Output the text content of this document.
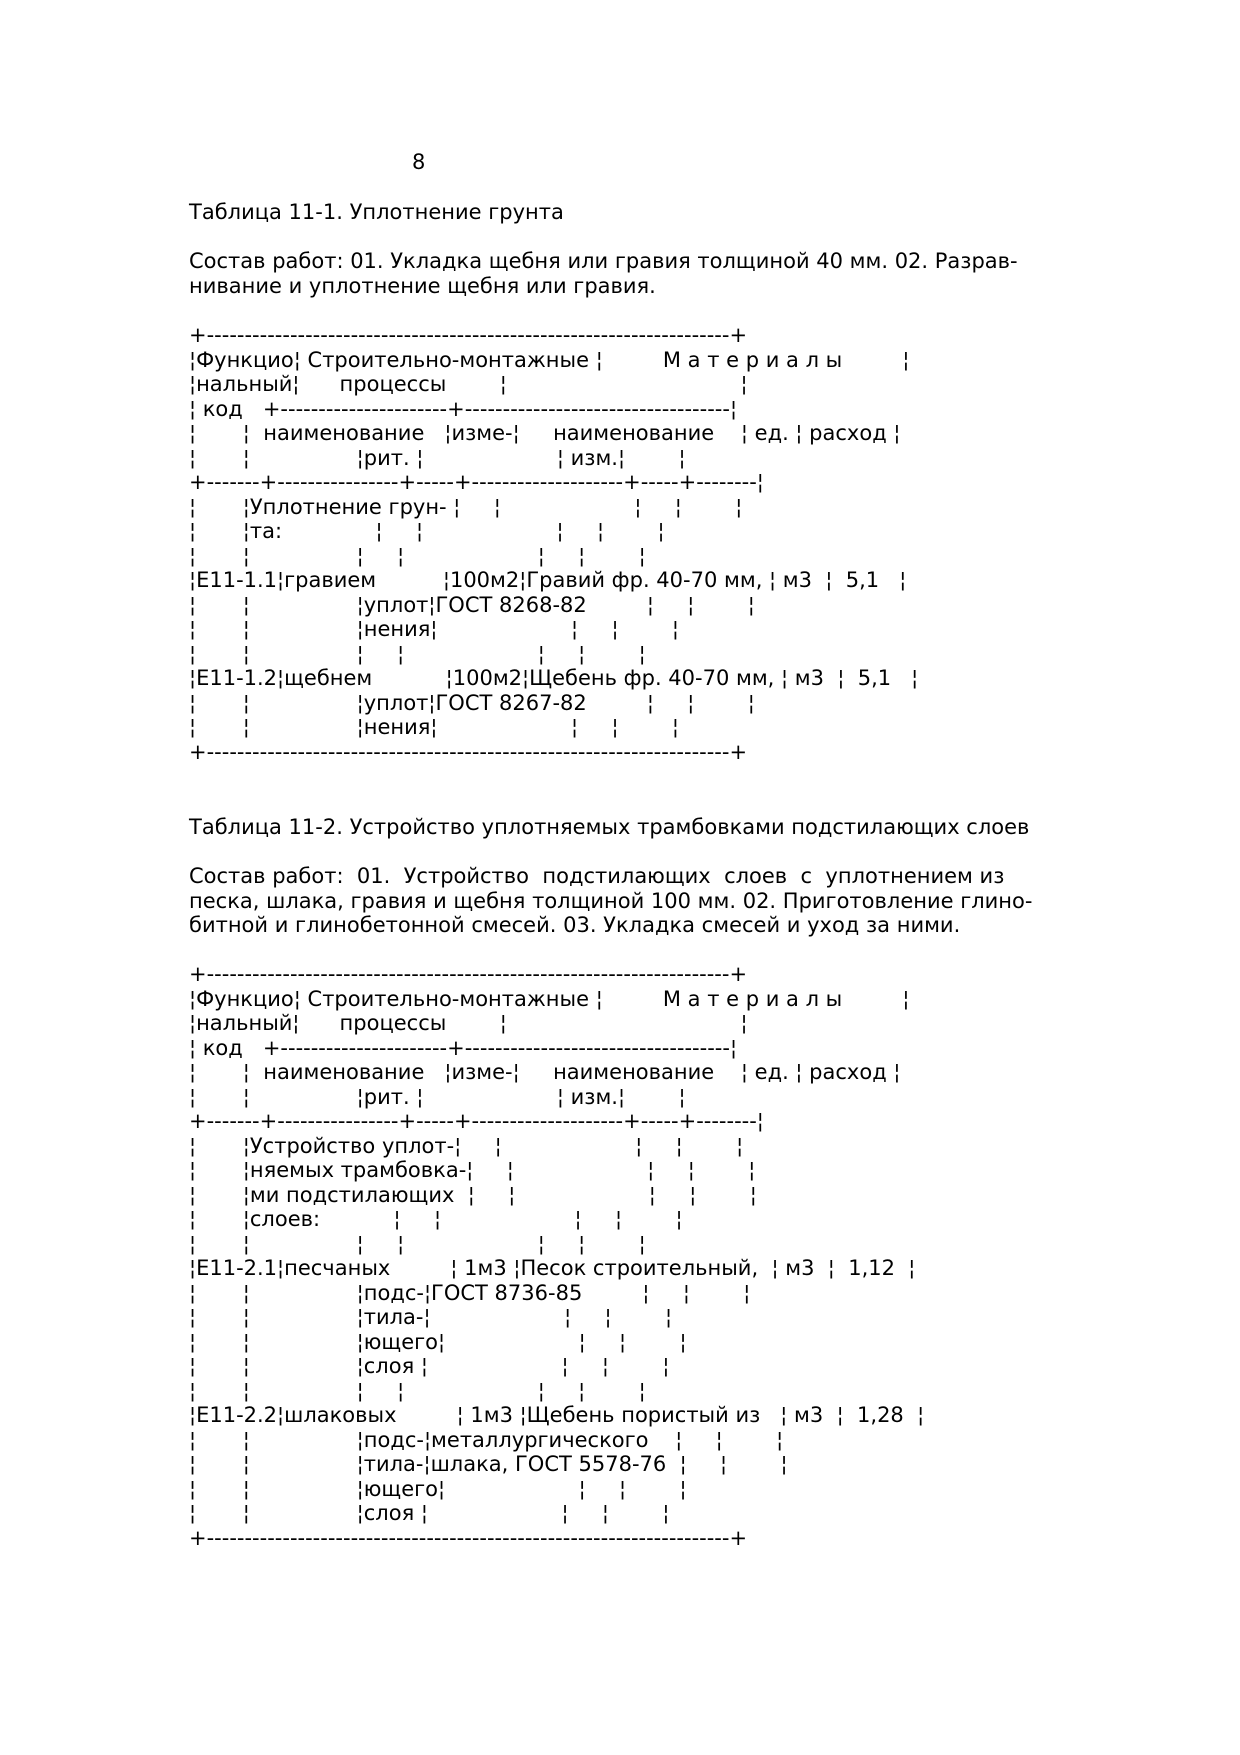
8
Таблица 11-1. Уплотнение грунта
Состав работ: 01. Укладка щебня или гравия толщиной 40 мм. 02. Разрав-
нивание и уплотнение щебня или гравия.
+---------------------------------------------------------------------+
¦Функцио¦ Строительно-монтажные ¦         М а т е р и а л ы         ¦
¦нальный¦      процессы        ¦                                   ¦
¦ код   +----------------------+-----------------------------------¦
¦       ¦  наименование   ¦изме-¦     наименование    ¦ ед. ¦ расход ¦
¦       ¦                ¦рит. ¦                    ¦ изм.¦        ¦
+-------+----------------+-----+--------------------+-----+--------¦
¦       ¦Уплотнение грун- ¦     ¦                    ¦     ¦        ¦
¦       ¦та:              ¦     ¦                    ¦     ¦        ¦
¦       ¦                ¦     ¦                    ¦     ¦        ¦
¦Е11-1.1¦гравием          ¦100м2¦Гравий фр. 40-70 мм, ¦ м3  ¦  5,1   ¦
¦       ¦                ¦уплот¦ГОСТ 8268-82         ¦     ¦        ¦
¦       ¦                ¦нения¦                    ¦     ¦        ¦
¦       ¦                ¦     ¦                    ¦     ¦        ¦
¦Е11-1.2¦щебнем           ¦100м2¦Щебень фр. 40-70 мм, ¦ м3  ¦  5,1   ¦
¦       ¦                ¦уплот¦ГОСТ 8267-82         ¦     ¦        ¦
¦       ¦                ¦нения¦                    ¦     ¦        ¦
+---------------------------------------------------------------------+
Таблица 11-2. Устройство уплотняемых трамбовками подстилающих слоев
Состав работ:  01.  Устройство  подстилающих  слоев  с  уплотнением из
песка, шлака, гравия и щебня толщиной 100 мм. 02. Приготовление глино-
битной и глинобетонной смесей. 03. Укладка смесей и уход за ними.
+---------------------------------------------------------------------+
¦Функцио¦ Строительно-монтажные ¦         М а т е р и а л ы         ¦
¦нальный¦      процессы        ¦                                   ¦
¦ код   +----------------------+-----------------------------------¦
¦       ¦  наименование   ¦изме-¦     наименование    ¦ ед. ¦ расход ¦
¦       ¦                ¦рит. ¦                    ¦ изм.¦        ¦
+-------+----------------+-----+--------------------+-----+--------¦
¦       ¦Устройство уплот-¦     ¦                    ¦     ¦        ¦
¦       ¦няемых трамбовка-¦     ¦                    ¦     ¦        ¦
¦       ¦ми подстилающих  ¦     ¦                    ¦     ¦        ¦
¦       ¦слоев:           ¦     ¦                    ¦     ¦        ¦
¦       ¦                ¦     ¦                    ¦     ¦        ¦
¦Е11-2.1¦песчаных         ¦ 1м3 ¦Песок строительный,  ¦ м3  ¦  1,12  ¦
¦       ¦                ¦подс-¦ГОСТ 8736-85         ¦     ¦        ¦
¦       ¦                ¦тила-¦                    ¦     ¦        ¦
¦       ¦                ¦ющего¦                    ¦     ¦        ¦
¦       ¦                ¦слоя ¦                    ¦     ¦        ¦
¦       ¦                ¦     ¦                    ¦     ¦        ¦
¦Е11-2.2¦шлаковых         ¦ 1м3 ¦Щебень пористый из   ¦ м3  ¦  1,28  ¦
¦       ¦                ¦подс-¦металлургического    ¦     ¦        ¦
¦       ¦                ¦тила-¦шлака, ГОСТ 5578-76  ¦     ¦        ¦
¦       ¦                ¦ющего¦                    ¦     ¦        ¦
¦       ¦                ¦слоя ¦                    ¦     ¦        ¦
+---------------------------------------------------------------------+
